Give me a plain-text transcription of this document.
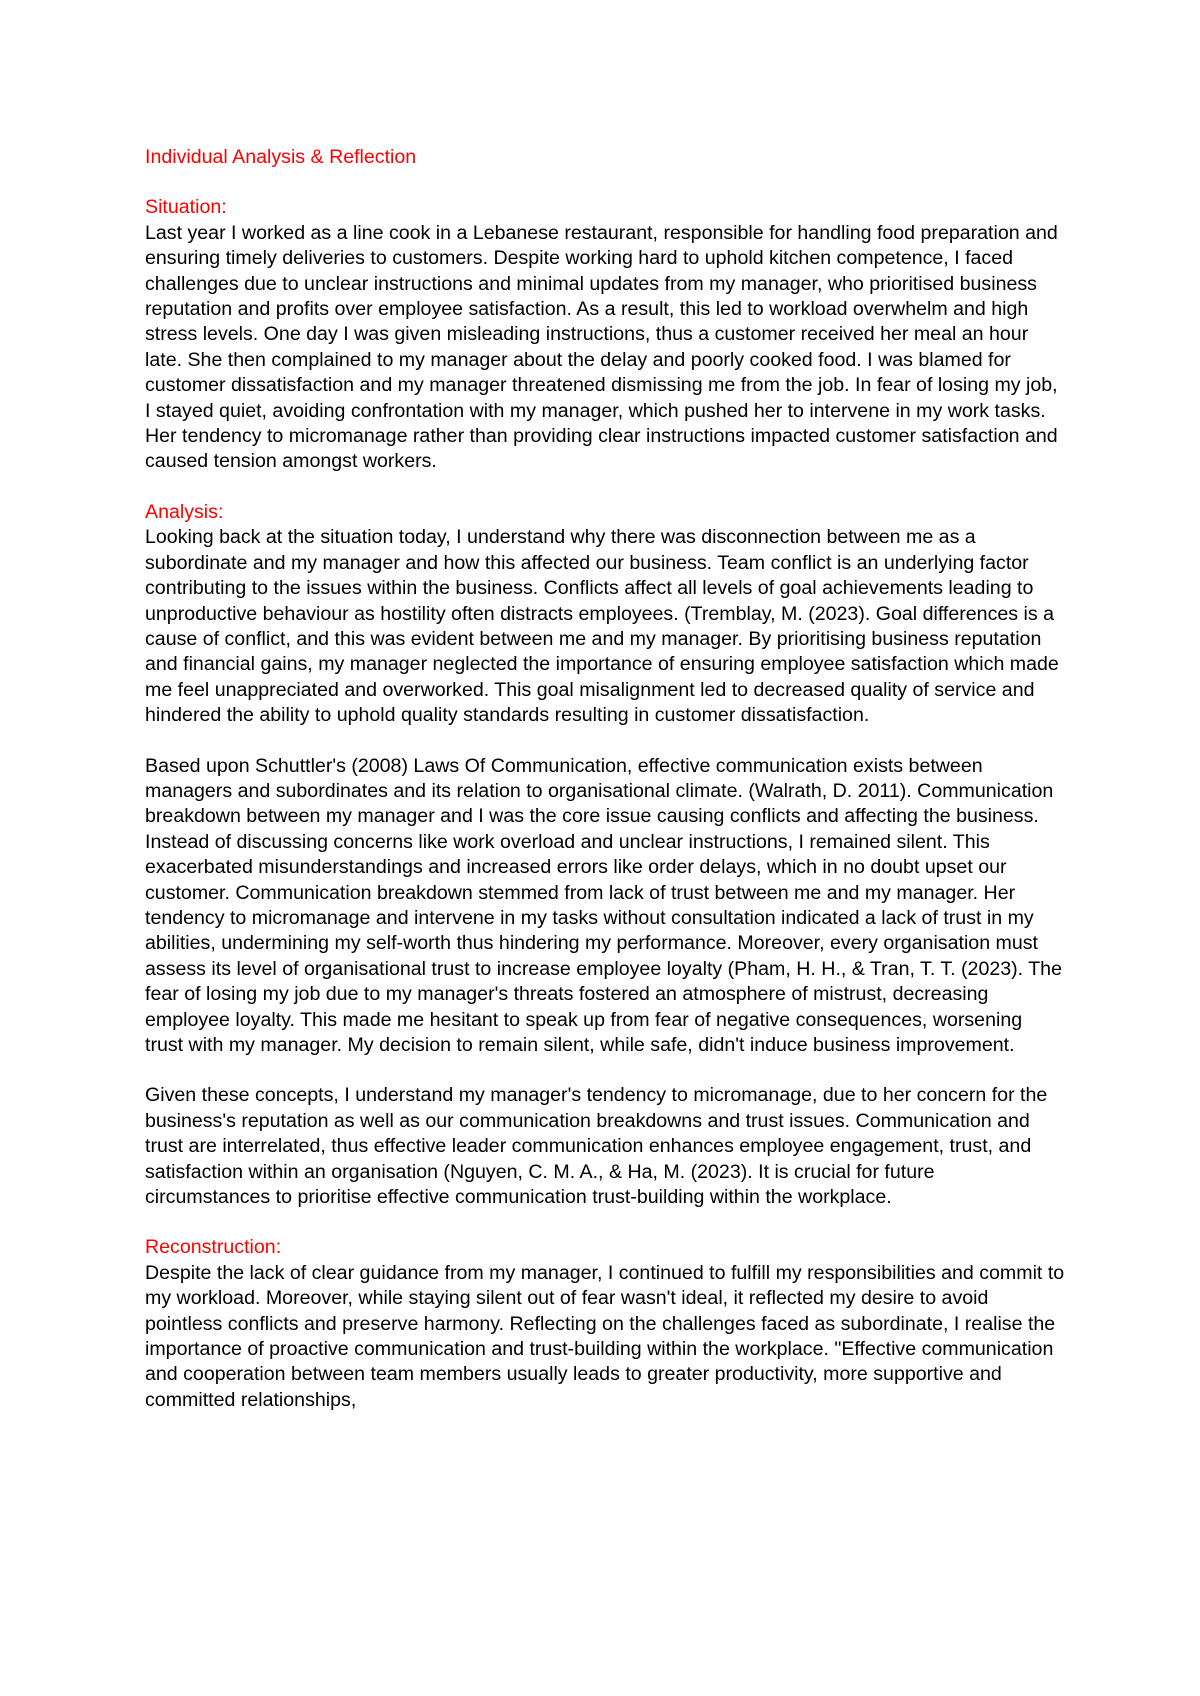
Individual Analysis & Reflection
Situation:

Last year I worked as a line cook in a Lebanese restaurant, responsible for handling food preparation and ensuring timely deliveries to customers. Despite working hard to uphold kitchen competence, I faced challenges due to unclear instructions and minimal updates from my manager, who prioritised business reputation and profits over employee satisfaction. As a result, this led to workload overwhelm and high stress levels. One day I was given misleading instructions, thus a customer received her meal an hour late. She then complained to my manager about the delay and poorly cooked food. I was blamed for customer dissatisfaction and my manager threatened dismissing me from the job. In fear of losing my job, I stayed quiet, avoiding confrontation with my manager, which pushed her to intervene in my work tasks. Her tendency to micromanage rather than providing clear instructions impacted customer satisfaction and caused tension amongst workers.

Analysis:

Looking back at the situation today, I understand why there was disconnection between me as a subordinate and my manager and how this affected our business. Team conflict is an underlying factor contributing to the issues within the business. Conflicts affect all levels of goal achievements leading to unproductive behaviour as hostility often distracts employees. (Tremblay, M. (2023). Goal differences is a cause of conflict, and this was evident between me and my manager. By prioritising business reputation and financial gains, my manager neglected the importance of ensuring employee satisfaction which made me feel unappreciated and overworked. This goal misalignment led to decreased quality of service and hindered the ability to uphold quality standards resulting in customer dissatisfaction.

Based upon Schuttler's (2008) Laws Of Communication, effective communication exists between managers and subordinates and its relation to organisational climate. (Walrath, D. 2011). Communication breakdown between my manager and I was the core issue causing conflicts and affecting the business. Instead of discussing concerns like work overload and unclear instructions, I remained silent. This exacerbated misunderstandings and increased errors like order delays, which in no doubt upset our customer. Communication breakdown stemmed from lack of trust between me and my manager. Her tendency to micromanage and intervene in my tasks without consultation indicated a lack of trust in my abilities, undermining my self-worth thus hindering my performance. Moreover, every organisation must assess its level of organisational trust to increase employee loyalty (Pham, H. H., & Tran, T. T. (2023). The fear of losing my job due to my manager's threats fostered an atmosphere of mistrust, decreasing employee loyalty. This made me hesitant to speak up from fear of negative consequences, worsening trust with my manager. My decision to remain silent, while safe, didn't induce business improvement.

Given these concepts, I understand my manager's tendency to micromanage, due to her concern for the business's reputation as well as our communication breakdowns and trust issues. Communication and trust are interrelated, thus effective leader communication enhances employee engagement, trust, and satisfaction within an organisation (Nguyen, C. M. A., & Ha, M. (2023). It is crucial for future circumstances to prioritise effective communication trust-building within the workplace.

Reconstruction:

Despite the lack of clear guidance from my manager, I continued to fulfill my responsibilities and commit to my workload. Moreover, while staying silent out of fear wasn't ideal, it reflected my desire to avoid pointless conflicts and preserve harmony. Reflecting on the challenges faced as subordinate, I realise the importance of proactive communication and trust-building within the workplace. "Effective communication and cooperation between team members usually leads to greater productivity, more supportive and committed relationships,
